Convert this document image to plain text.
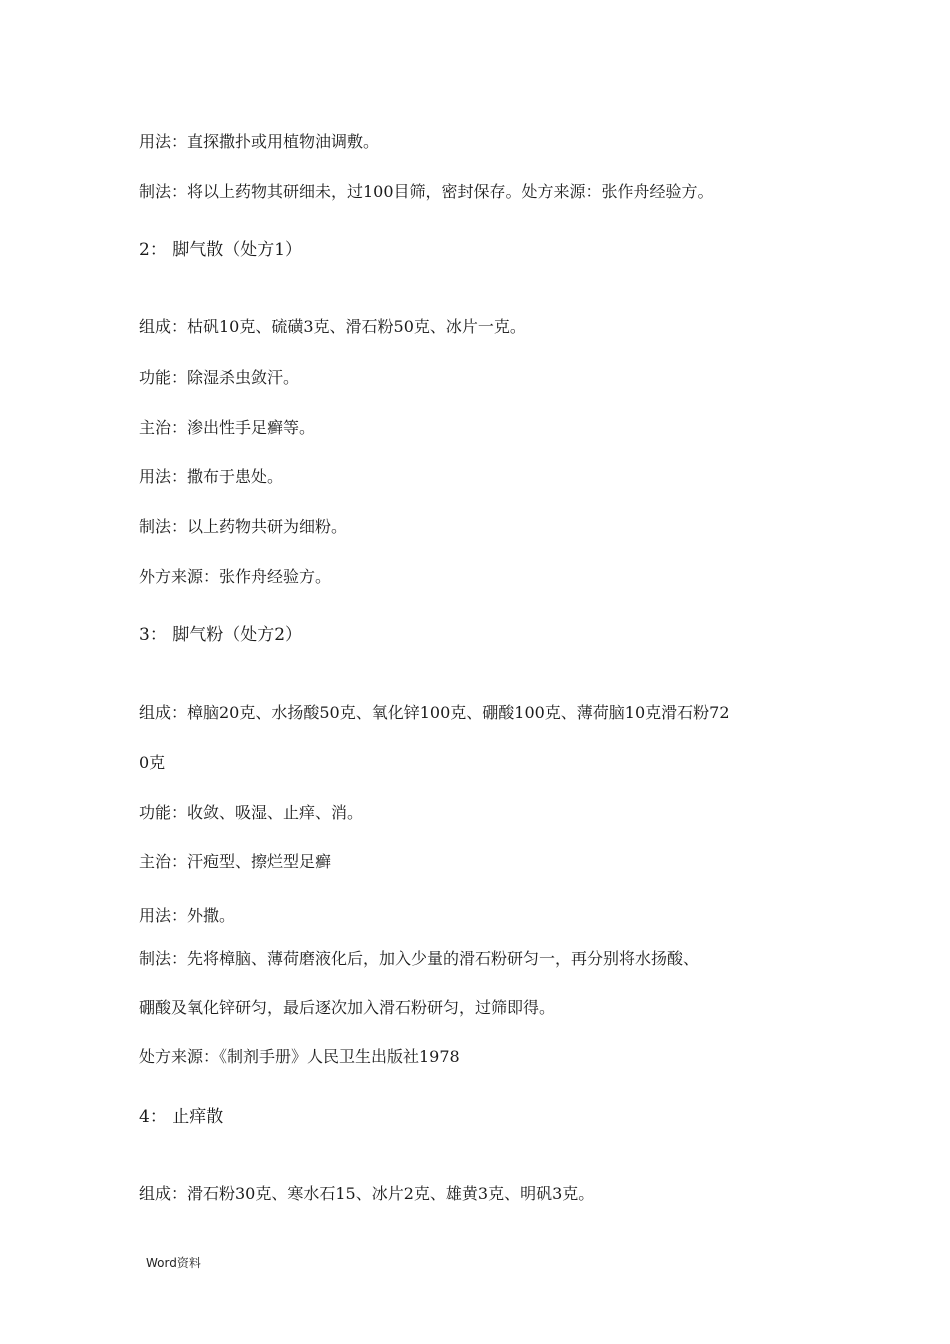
用法：直探撒扑或用植物油调敷。
制法：将以上药物其研细未，过100目筛，密封保存。处方来源：张作舟经验方。
2： 脚气散（处方1）
组成：枯矾10克、硫磺3克、滑石粉50克、冰片一克。
功能：除湿杀虫敛汗。
主治：渗出性手足癣等。
用法：撒布于患处。
制法：以上药物共研为细粉。
外方来源：张作舟经验方。
3： 脚气粉（处方2）
组成：樟脑20克、水扬酸50克、氧化锌100克、硼酸100克、薄荷脑10克滑石粉72
0克
功能：收敛、吸湿、止痒、消。
主治：汗疱型、擦烂型足癣
用法：外撒。
制法：先将樟脑、薄荷磨液化后，加入少量的滑石粉研匀一，再分别将水扬酸、
硼酸及氧化锌研匀，最后逐次加入滑石粉研匀，过筛即得。
处方来源：《制剂手册》人民卫生出版社1978
4： 止痒散
组成：滑石粉30克、寒水石15、冰片2克、雄黄3克、明矾3克。
Word资料
